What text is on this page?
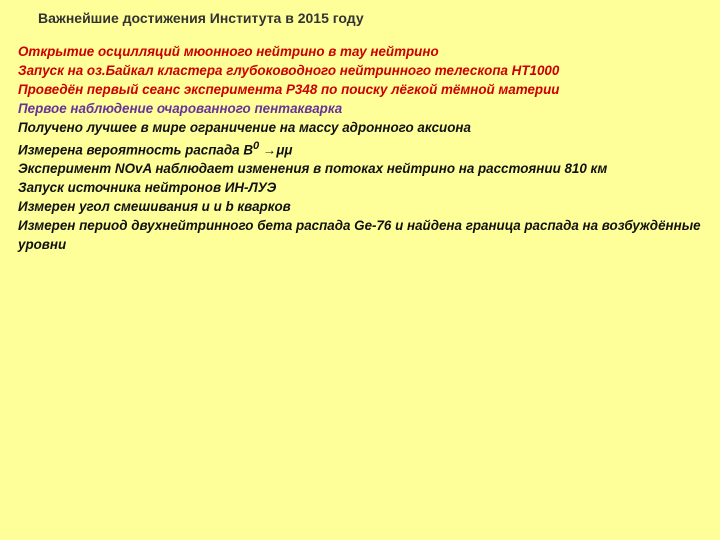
Важнейшие достижения Института в 2015 году
Открытие осцилляций мюонного нейтрино в тау нейтрино
Запуск на оз.Байкал кластера глубоководного нейтринного телескопа НТ1000
Проведён первый сеанс эксперимента Р348 по поиску лёгкой тёмной материи
Первое наблюдение очарованного пентакварка
Получено лучшее в мире ограничение на массу адронного аксиона
Измерена вероятность распада $B^0 \to\mu\mu$
Эксперимент NOvA наблюдает изменения в потоках нейтрино на расстоянии 810 км
Запуск источника нейтронов ИН-ЛУЭ
Измерен угол смешивания и и b кварков
Измерен период двухнейтринного бета распада Ge-76 и найдена граница распада на возбуждённые уровни
